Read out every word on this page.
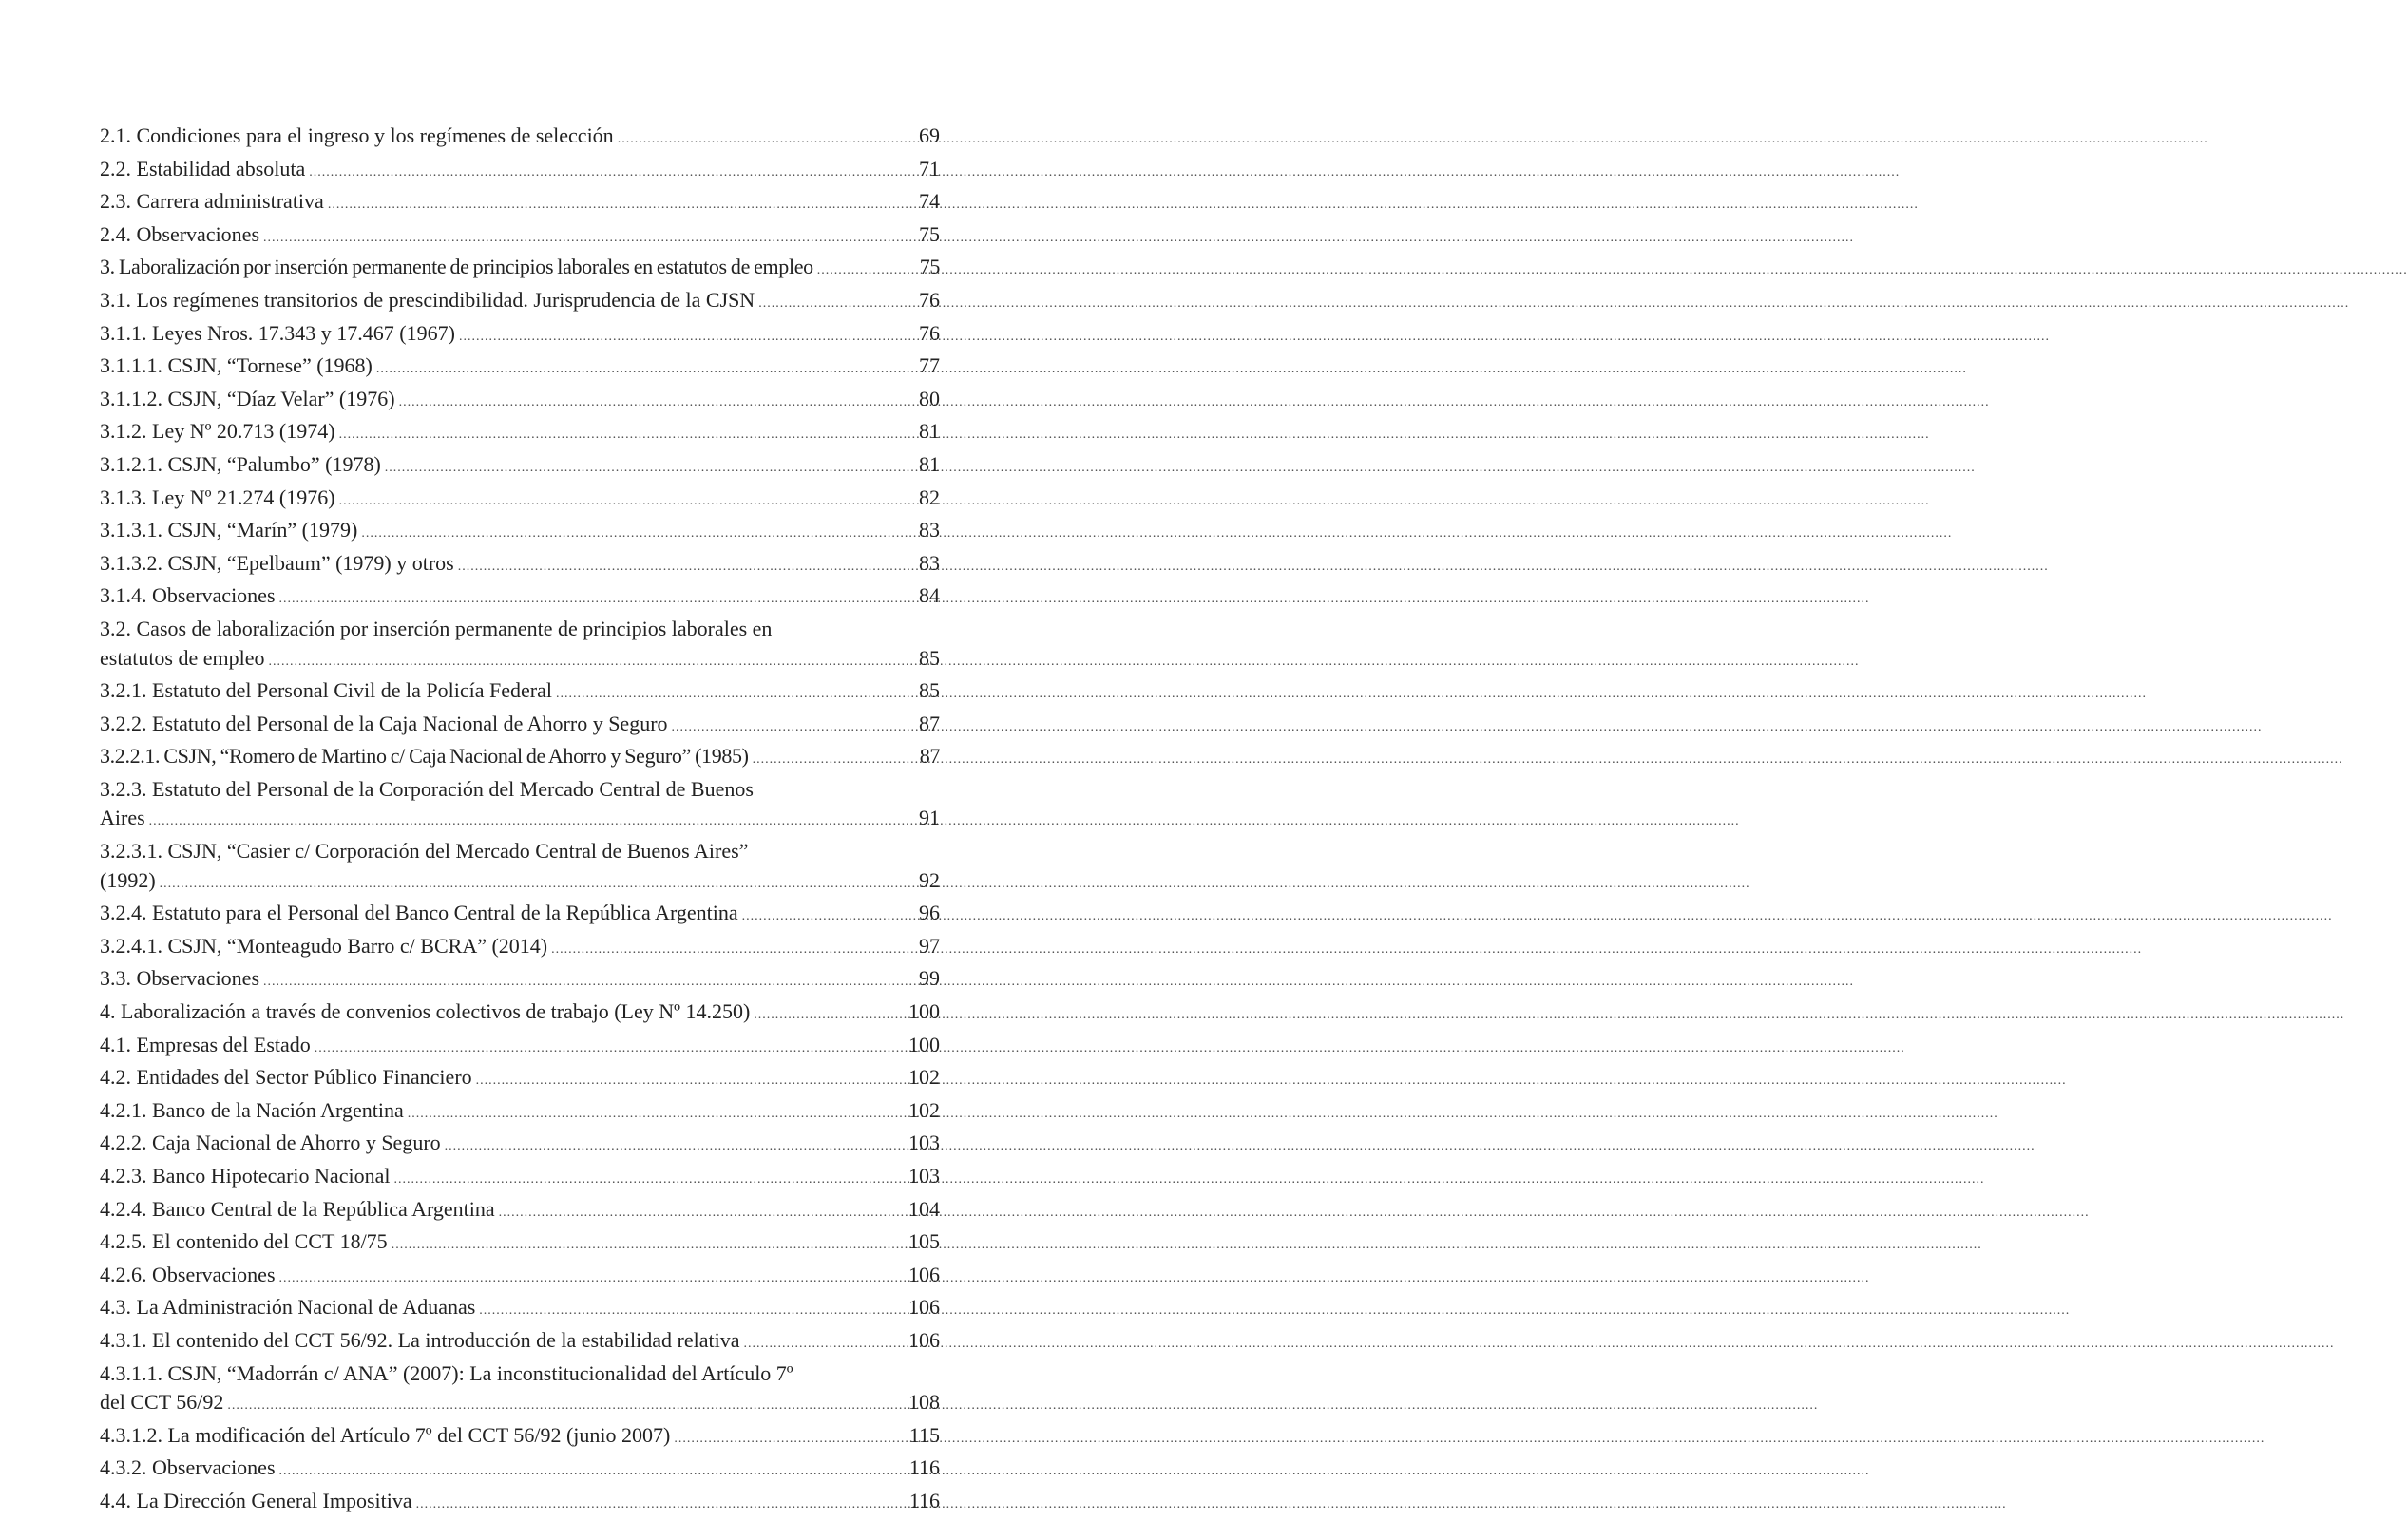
2.1. Condiciones para el ingreso y los regímenes de selección .....	69
2.2. Estabilidad absoluta .....	71
2.3. Carrera administrativa .....	74
2.4. Observaciones .....	75
3. Laboralización por inserción permanente de principios laborales en estatutos de empleo .....	75
3.1. Los regímenes transitorios de prescindibilidad. Jurisprudencia de la CJSN .....	76
3.1.1. Leyes Nros. 17.343 y 17.467 (1967) .....	76
3.1.1.1. CSJN, “Tornese” (1968) .....	77
3.1.1.2. CSJN, “Díaz Velar” (1976) .....	80
3.1.2. Ley Nº 20.713 (1974) .....	81
3.1.2.1. CSJN, “Palumbo” (1978) .....	81
3.1.3. Ley Nº 21.274 (1976) .....	82
3.1.3.1. CSJN, “Marín” (1979) .....	83
3.1.3.2. CSJN, “Epelbaum” (1979) y otros .....	83
3.1.4. Observaciones .....	84
3.2. Casos de laboralización por inserción permanente de principios laborales en
estatutos de empleo .....	85
3.2.1. Estatuto del Personal Civil de la Policía Federal .....	85
3.2.2. Estatuto del Personal de la Caja Nacional de Ahorro y Seguro .....	87
3.2.2.1. CSJN, “Romero de Martino c/ Caja Nacional de Ahorro y Seguro” (1985) .....	87
3.2.3. Estatuto del Personal de la Corporación del Mercado Central de Buenos
Aires .....	91
3.2.3.1. CSJN, “Casier c/ Corporación del Mercado Central de Buenos Aires”
(1992) .....	92
3.2.4. Estatuto para el Personal del Banco Central de la República Argentina .....	96
3.2.4.1. CSJN, “Monteagudo Barro c/ BCRA” (2014) .....	97
3.3. Observaciones .....	99
4. Laboralización a través de convenios colectivos de trabajo (Ley Nº 14.250) .....	100
4.1. Empresas del Estado .....	100
4.2. Entidades del Sector Público Financiero .....	102
4.2.1. Banco de la Nación Argentina .....	102
4.2.2. Caja Nacional de Ahorro y Seguro .....	103
4.2.3. Banco Hipotecario Nacional .....	103
4.2.4. Banco Central de la República Argentina .....	104
4.2.5. El contenido del CCT 18/75 .....	105
4.2.6. Observaciones .....	106
4.3. La Administración Nacional de Aduanas .....	106
4.3.1. El contenido del CCT 56/92. La introducción de la estabilidad relativa .....	106
4.3.1.1. CSJN, “Madorrán c/ ANA” (2007): La inconstitucionalidad del Artículo 7º
del CCT 56/92 .....	108
4.3.1.2. La modificación del Artículo 7º del CCT 56/92 (junio 2007) .....	115
4.3.2. Observaciones .....	116
4.4. La Dirección General Impositiva .....	116
